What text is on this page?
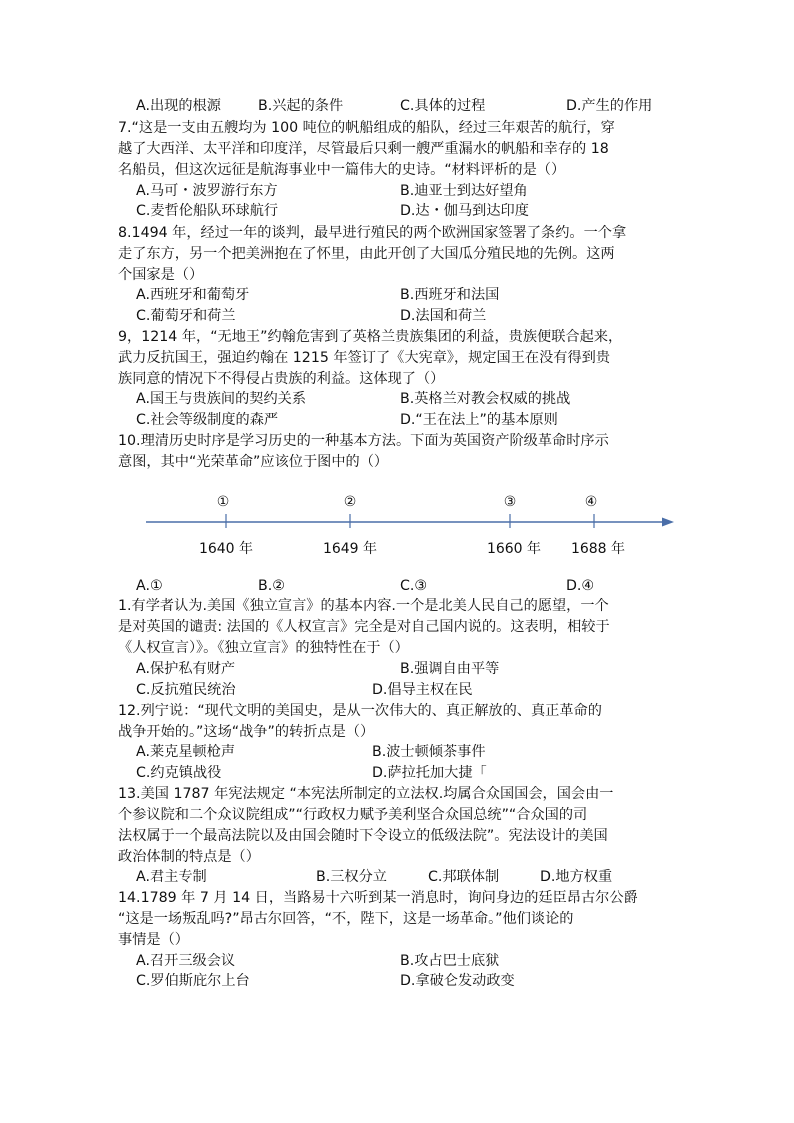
A.出现的根源	B.兴起的条件	C.具体的过程	D.产生的作用
7.“这是一支由五艘均为 100 吨位的帆船组成的船队，经过三年艰苦的航行，穿
越了大西洋、太平洋和印度洋，尽管最后只剩一艘严重漏水的帆船和幸存的 18
名船员，但这次远征是航海事业中一篇伟大的史诗。“材料评析的是（）
A.马可・波罗游行东方	B.迪亚士到达好望角
C.麦哲伦船队环球航行	D.达・伽马到达印度
8.1494 年，经过一年的谈判，最早进行殖民的两个欧洲国家签署了条约。一个拿
走了东方，另一个把美洲抱在了怀里，由此开创了大国瓜分殖民地的先例。这两
个国家是（）
A.西班牙和葡萄牙	B.西班牙和法国
C.葡萄牙和荷兰	D.法国和荷兰
9，1214 年，“无地王”约翰危害到了英格兰贵族集团的利益，贵族便联合起来，
武力反抗国王，强迫约翰在 1215 年签订了《大宪章》，规定国王在没有得到贵
族同意的情况下不得侵占贵族的利益。这体现了（）
A.国王与贵族间的契约关系	B.英格兰对教会权威的挑战
C.社会等级制度的森严	D.“王在法上”的基本原则
10.理清历史时序是学习历史的一种基本方法。下面为英国资产阶级革命时序示
意图，其中“光荣革命”应该位于图中的（）
①	②	③	④
1640 年	1649 年	1660 年 1688 年
A.①	B.②	C.③	D.④
1.有学者认为.美国《独立宣言》的基本内容.一个是北美人民自己的愿望，一个
是对英国的谴责: 法国的《人权宣言》完全是对自己国内说的。这表明，相较于
《人权宣言）》。《独立宣言》的独特性在于（）
A.保护私有财产	B.强调自由平等
C.反抗殖民统治	D.倡导主权在民
12.列宁说：“现代文明的美国史，是从一次伟大的、真正解放的、真正革命的
战争开始的。”这场“战争”的转折点是（）
A.莱克星顿枪声	B.波士顿倾茶事件
C.约克镇战役	D.萨拉托加大捷「
13.美国 1787 年宪法规定 “本宪法所制定的立法权.均属合众国国会，国会由一
个参议院和二个众议院组成”“行政权力赋予美利坚合众国总统”“合众国的司
法权属于一个最高法院以及由国会随时下令设立的低级法院”。宪法设计的美国
政治体制的特点是（）
A.君主专制	B.三权分立	C.邦联体制	D.地方权重
14.1789 年 7 月 14 日，当路易十六听到某一消息时，询问身边的廷臣昂古尔公爵
“这是一场叛乱吗?”昂古尔回答，“不，陛下，这是一场革命。”他们谈论的
事情是（）
A.召开三级会议	B.攻占巴士底狱
C.罗伯斯庇尔上台	D.拿破仑发动政变
